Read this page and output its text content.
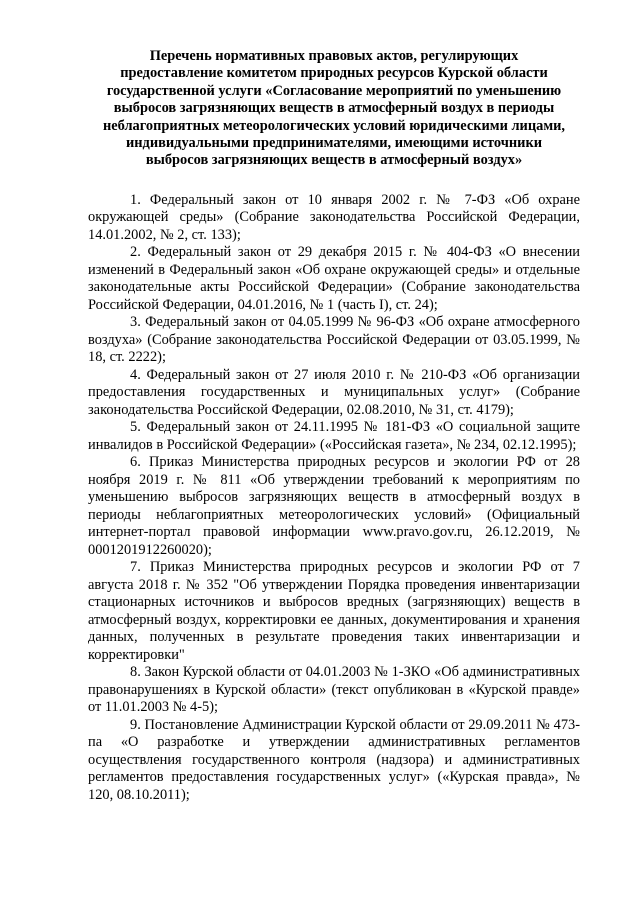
Перечень нормативных правовых актов, регулирующих
предоставление комитетом природных ресурсов Курской области
государственной услуги «Согласование мероприятий по уменьшению
выбросов загрязняющих веществ в атмосферный воздух в периоды
неблагоприятных метеорологических условий юридическими лицами,
индивидуальными предпринимателями, имеющими источники
выбросов загрязняющих веществ в атмосферный воздух»

1. Федеральный закон от 10 января 2002 г. № 7-ФЗ «Об охране окружающей среды» (Собрание законодательства Российской Федерации, 14.01.2002, № 2, ст. 133);

2. Федеральный закон от 29 декабря 2015 г. № 404-ФЗ «О внесении изменений в Федеральный закон «Об охране окружающей среды» и отдельные законодательные акты Российской Федерации» (Собрание законодательства Российской Федерации, 04.01.2016, № 1 (часть I), ст. 24);

3. Федеральный закон от 04.05.1999 № 96-ФЗ «Об охране атмосферного воздуха» (Собрание законодательства Российской Федерации от 03.05.1999, № 18, ст. 2222);

4. Федеральный закон от 27 июля 2010 г. № 210-ФЗ «Об организации предоставления государственных и муниципальных услуг» (Собрание законодательства Российской Федерации, 02.08.2010, № 31, ст. 4179);

5. Федеральный закон от 24.11.1995 № 181-ФЗ «О социальной защите инвалидов в Российской Федерации» («Российская газета», № 234, 02.12.1995);

6. Приказ Министерства природных ресурсов и экологии РФ от 28 ноября 2019 г. № 811 «Об утверждении требований к мероприятиям по уменьшению выбросов загрязняющих веществ в атмосферный воздух в периоды неблагоприятных метеорологических условий» (Официальный интернет-портал правовой информации www.pravo.gov.ru, 26.12.2019, № 0001201912260020);

7. Приказ Министерства природных ресурсов и экологии РФ от 7 августа 2018 г. № 352 "Об утверждении Порядка проведения инвентаризации стационарных источников и выбросов вредных (загрязняющих) веществ в атмосферный воздух, корректировки ее данных, документирования и хранения данных, полученных в результате проведения таких инвентаризации и корректировки"

8. Закон Курской области от 04.01.2003 № 1-ЗКО «Об административных правонарушениях в Курской области» (текст опубликован в «Курской правде» от 11.01.2003 № 4-5);

9. Постановление Администрации Курской области от 29.09.2011 № 473-па «О разработке и утверждении административных регламентов осуществления государственного контроля (надзора) и административных регламентов предоставления государственных услуг» («Курская правда», № 120, 08.10.2011);
